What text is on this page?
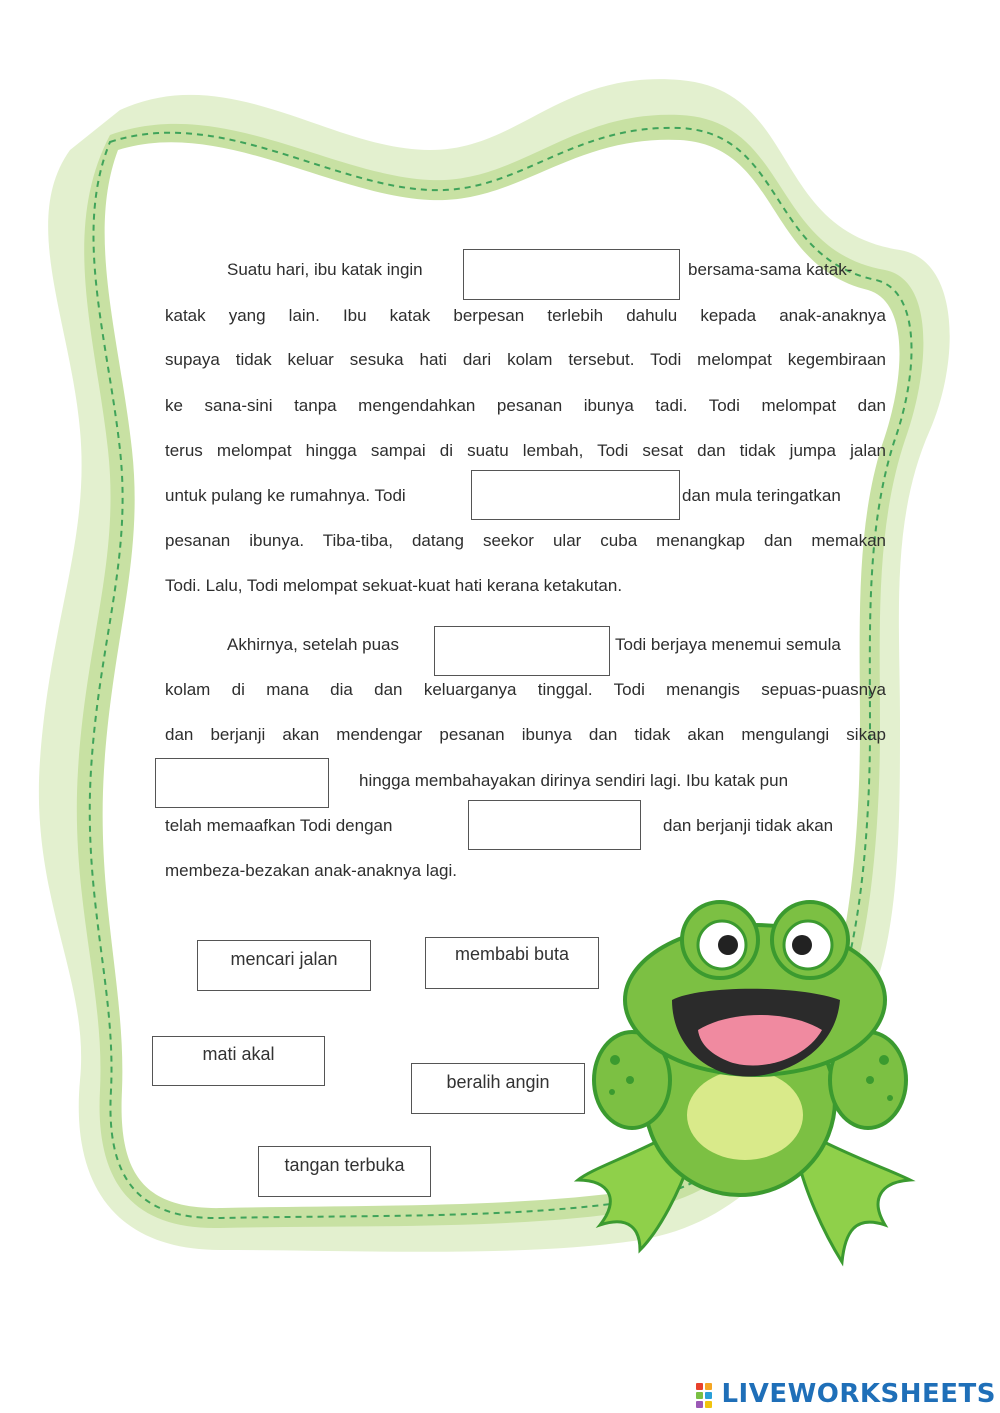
Suatu hari, ibu katak ingin	bersama-sama katak-
katak yang lain. Ibu katak berpesan terlebih dahulu kepada anak-anaknya
supaya tidak keluar sesuka hati dari kolam tersebut. Todi melompat kegembiraan
ke sana-sini tanpa mengendahkan pesanan ibunya tadi. Todi melompat dan
terus melompat hingga sampai di suatu lembah, Todi sesat dan tidak jumpa jalan
untuk pulang ke rumahnya. Todi	dan mula teringatkan
pesanan ibunya. Tiba-tiba, datang seekor ular cuba menangkap dan memakan
Todi. Lalu, Todi melompat sekuat-kuat hati kerana ketakutan.
Akhirnya, setelah puas	Todi berjaya menemui semula
kolam di mana dia dan keluarganya tinggal. Todi menangis sepuas-puasnya
dan berjanji akan mendengar pesanan ibunya dan tidak akan mengulangi sikap
hingga membahayakan dirinya sendiri lagi. Ibu katak pun
telah memaafkan Todi dengan	dan berjanji tidak akan
membeza-bezakan anak-anaknya lagi.
mencari jalan	membabi buta
mati akal
beralih angin
tangan terbuka
LIVEWORKSHEETS
